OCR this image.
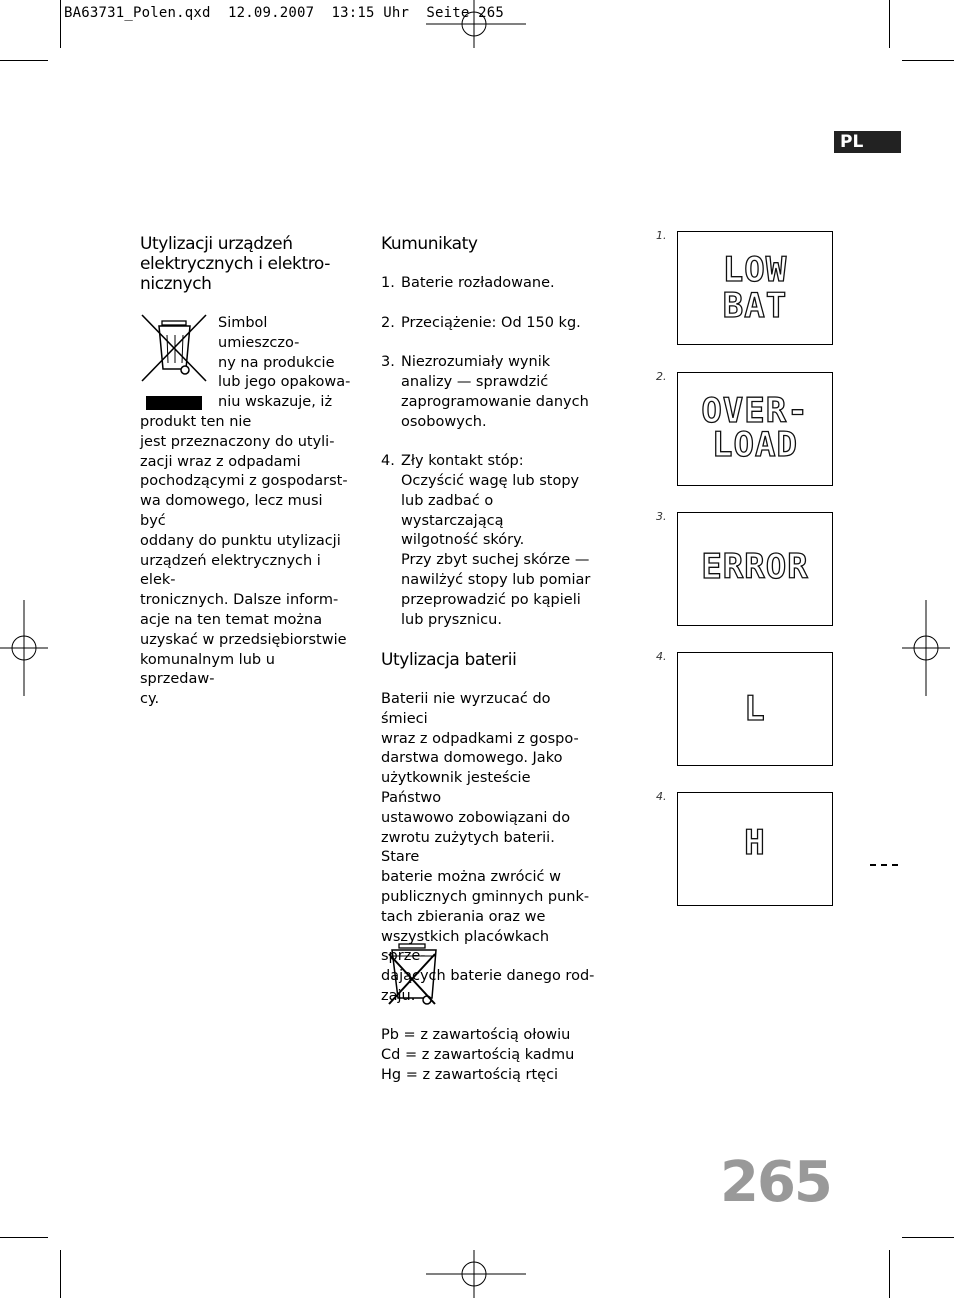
BA63731_Polen.qxd  12.09.2007  13:15 Uhr  Seite 265
PL
Utylizacji urządzeń
elektrycznych i elektro-
nicznych
Simbol umieszczo-
ny na produkcie
lub jego opakowa-
niu wskazuje, iż
produkt ten nie
jest przeznaczony do utyli-
zacji wraz z odpadami
pochodzącymi z gospodarst-
wa domowego, lecz musi być
oddany do punktu utylizacji
urządzeń elektrycznych i elek-
tronicznych. Dalsze inform-
acje na ten temat można
uzyskać w przedsiębiorstwie
komunalnym lub u sprzedaw-
cy.
Kumunikaty
1. Baterie rozładowane.
2. Przeciążenie: Od 150 kg.
3. Niezrozumiały wynik
analizy — sprawdzić
zaprogramowanie danych
osobowych.
4. Zły kontakt stóp:
Oczyścić wagę lub stopy
lub zadbać o wystarczającą
wilgotność skóry.
Przy zbyt suchej skórze —
nawilżyć stopy lub pomiar
przeprowadzić po kąpieli
lub prysznicu.
Utylizacja baterii
Baterii nie wyrzucać do śmieci
wraz z odpadkami z gospo-
darstwa domowego. Jako
użytkownik jesteście Państwo
ustawowo zobowiązani do
zwrotu zużytych baterii. Stare
baterie można zwrócić w
publicznych gminnych punk-
tach zbierania oraz we
wszystkich placówkach sprze-
baterie danego rod-
zaju.
Pb = z zawartością ołowiu
Cd = z zawartością kadmu
Hg = z zawartością rtęci
1.
LOW
BAT
2.
OVER-
LOAD
3.
ERROR
4.
L
4.
H
265
